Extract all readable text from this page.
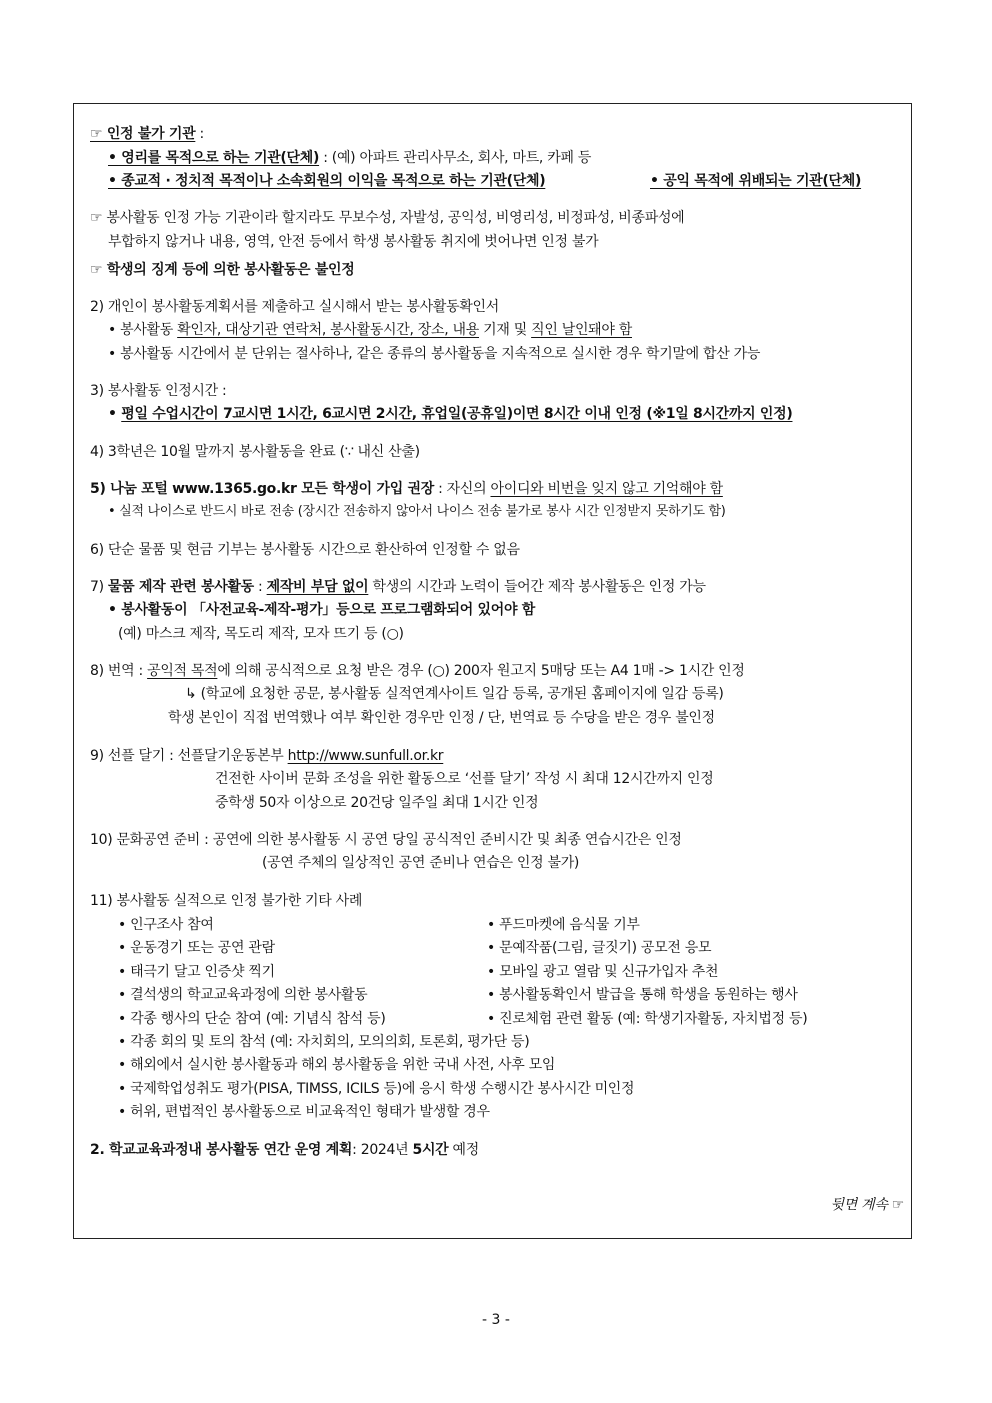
☞ 인정 불가 기관 :
• 영리를 목적으로 하는 기관(단체) : (예) 아파트 관리사무소, 회사, 마트, 카페 등
• 종교적 · 정치적 목적이나 소속회원의 이익을 목적으로 하는 기관(단체)	• 공익 목적에 위배되는 기관(단체)
☞ 봉사활동 인정 가능 기관이라 할지라도 무보수성, 자발성, 공익성, 비영리성, 비정파성, 비종파성에
부합하지 않거나 내용, 영역, 안전 등에서 학생 봉사활동 취지에 벗어나면 인정 불가
☞ 학생의 징계 등에 의한 봉사활동은 불인정
2) 개인이 봉사활동계획서를 제출하고 실시해서 받는 봉사활동확인서
• 봉사활동 확인자, 대상기관 연락처, 봉사활동시간, 장소, 내용 기재 및 직인 날인돼야 함
• 봉사활동 시간에서 분 단위는 절사하나, 같은 종류의 봉사활동을 지속적으로 실시한 경우 학기말에 합산 가능
3) 봉사활동 인정시간 :
• 평일 수업시간이 7교시면 1시간, 6교시면 2시간, 휴업일(공휴일)이면 8시간 이내 인정 (※1일 8시간까지 인정)
4) 3학년은 10월 말까지 봉사활동을 완료 (∵ 내신 산출)
5) 나눔 포털 www.1365.go.kr 모든 학생이 가입 권장 : 자신의 아이디와 비번을 잊지 않고 기억해야 함
• 실적 나이스로 반드시 바로 전송 (장시간 전송하지 않아서 나이스 전송 불가로 봉사 시간 인정받지 못하기도 함)
6) 단순 물품 및 현금 기부는 봉사활동 시간으로 환산하여 인정할 수 없음
7) 물품 제작 관련 봉사활동 : 제작비 부담 없이 학생의 시간과 노력이 들어간 제작 봉사활동은 인정 가능
• 봉사활동이 「사전교육-제작-평가」등으로 프로그램화되어 있어야 함
(예) 마스크 제작, 목도리 제작, 모자 뜨기 등 (○)
8) 번역 : 공익적 목적에 의해 공식적으로 요청 받은 경우 (○) 200자 원고지 5매당 또는 A4 1매 -> 1시간 인정
↳ (학교에 요청한 공문, 봉사활동 실적연계사이트 일감 등록, 공개된 홈페이지에 일감 등록)
학생 본인이 직접 번역했나 여부 확인한 경우만 인정 / 단, 번역료 등 수당을 받은 경우 불인정
9) 선플 달기 : 선플달기운동본부 http://www.sunfull.or.kr
건전한 사이버 문화 조성을 위한 활동으로 ‘선플 달기’ 작성 시 최대 12시간까지 인정
중학생 50자 이상으로 20건당 일주일 최대 1시간 인정
10) 문화공연 준비 : 공연에 의한 봉사활동 시 공연 당일 공식적인 준비시간 및 최종 연습시간은 인정
(공연 주체의 일상적인 공연 준비나 연습은 인정 불가)
11) 봉사활동 실적으로 인정 불가한 기타 사례
• 인구조사 참여
• 운동경기 또는 공연 관람
• 태극기 달고 인증샷 찍기
• 결석생의 학교교육과정에 의한 봉사활동
• 각종 행사의 단순 참여 (예: 기념식 참석 등)
• 푸드마켓에 음식물 기부
• 문예작품(그림, 글짓기) 공모전 응모
• 모바일 광고 열람 및 신규가입자 추천
• 봉사활동확인서 발급을 통해 학생을 동원하는 행사
• 진로체험 관련 활동 (예: 학생기자활동, 자치법정 등)
• 각종 회의 및 토의 참석 (예: 자치회의, 모의의회, 토론회, 평가단 등)
• 해외에서 실시한 봉사활동과 해외 봉사활동을 위한 국내 사전, 사후 모임
• 국제학업성취도 평가(PISA, TIMSS, ICILS 등)에 응시 학생 수행시간 봉사시간 미인정
• 허위, 편법적인 봉사활동으로 비교육적인 형태가 발생할 경우
2. 학교교육과정내 봉사활동 연간 운영 계획: 2024년 5시간 예정
뒷면 계속 ☞
- 3 -
